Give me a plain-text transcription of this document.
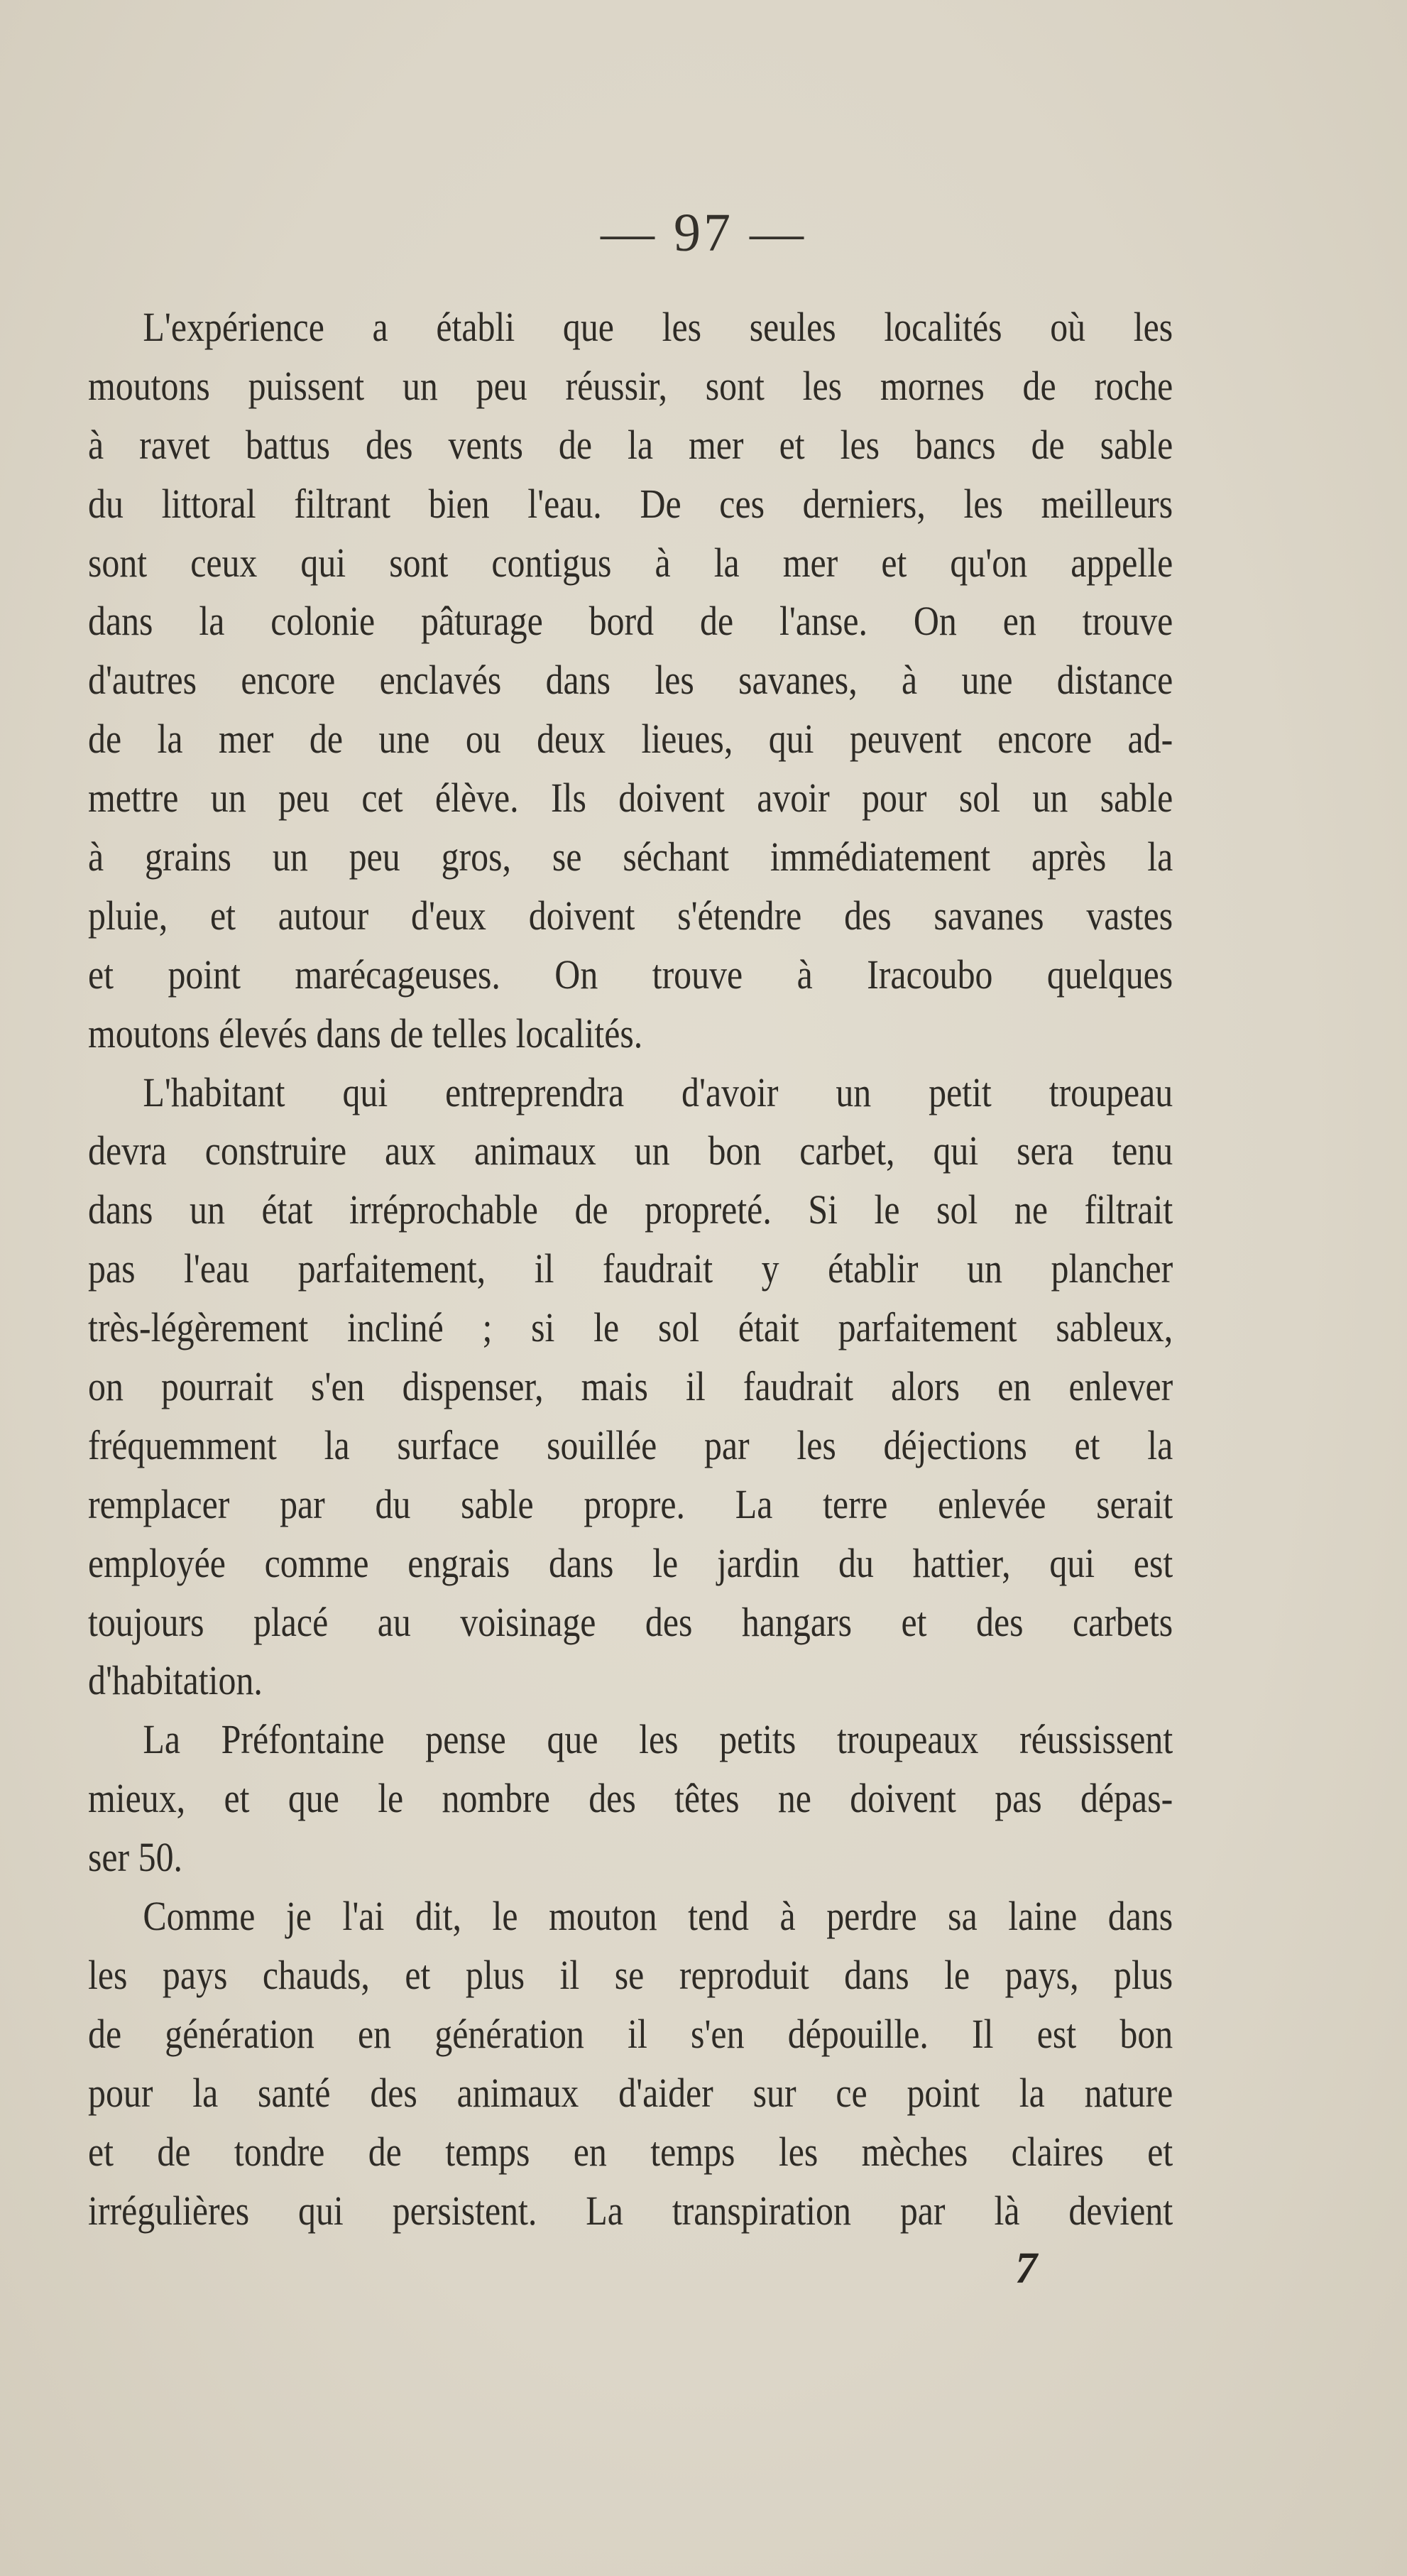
— 97 —
L'expérience a établi que les seules localités où les
moutons puissent un peu réussir, sont les mornes de roche
à ravet battus des vents de la mer et les bancs de sable
du littoral filtrant bien l'eau. De ces derniers, les meilleurs
sont ceux qui sont contigus à la mer et qu'on appelle
dans la colonie pâturage bord de l'anse. On en trouve
d'autres encore enclavés dans les savanes, à une distance
de la mer de une ou deux lieues, qui peuvent encore ad-
mettre un peu cet élève. Ils doivent avoir pour sol un sable
à grains un peu gros, se séchant immédiatement après la
pluie, et autour d'eux doivent s'étendre des savanes vastes
et point marécageuses. On trouve à Iracoubo quelques
moutons élevés dans de telles localités.
L'habitant qui entreprendra d'avoir un petit troupeau
devra construire aux animaux un bon carbet, qui sera tenu
dans un état irréprochable de propreté. Si le sol ne filtrait
pas l'eau parfaitement, il faudrait y établir un plancher
très-légèrement incliné ; si le sol était parfaitement sableux,
on pourrait s'en dispenser, mais il faudrait alors en enlever
fréquemment la surface souillée par les déjections et la
remplacer par du sable propre. La terre enlevée serait
employée comme engrais dans le jardin du hattier, qui est
toujours placé au voisinage des hangars et des carbets
d'habitation.
La Préfontaine pense que les petits troupeaux réussissent
mieux, et que le nombre des têtes ne doivent pas dépas-
ser 50.
Comme je l'ai dit, le mouton tend à perdre sa laine dans
les pays chauds, et plus il se reproduit dans le pays, plus
de génération en génération il s'en dépouille. Il est bon
pour la santé des animaux d'aider sur ce point la nature
et de tondre de temps en temps les mèches claires et
irrégulières qui persistent. La transpiration par là devient
7
